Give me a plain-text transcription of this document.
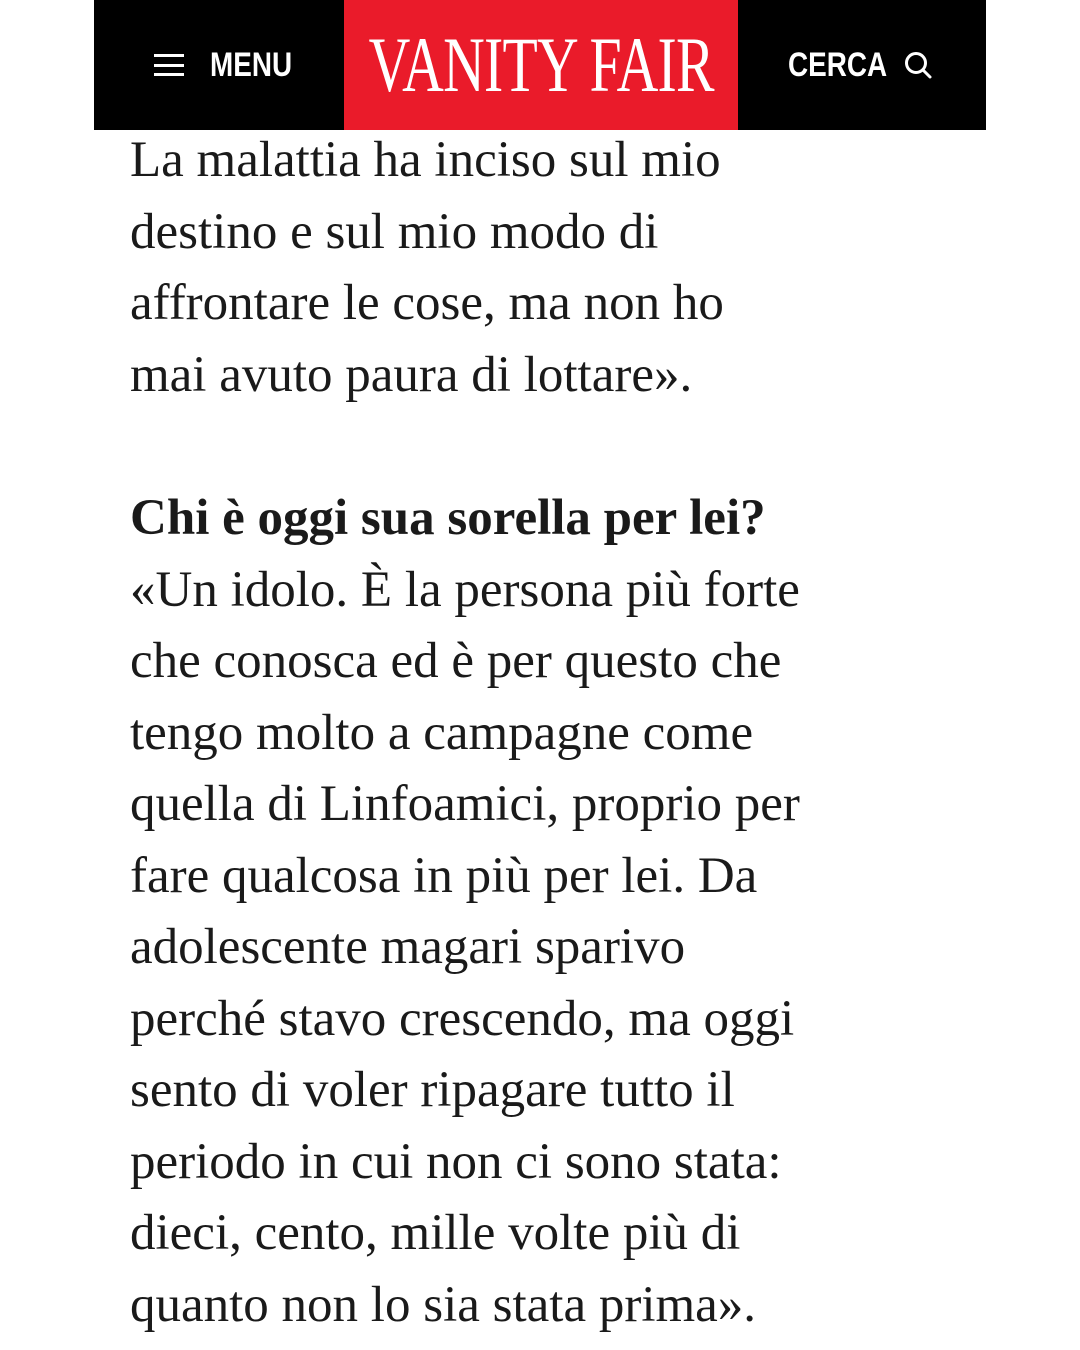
MENU VANITY FAIR CERCA

La malattia ha inciso sul mio

destino e sul mio modo di

affrontare le cose, ma non ho

mai avuto paura di lottare».

Chi è oggi sua sorella per lei?

«Un idolo. È la persona più forte

che conosca ed è per questo che

tengo molto a campagne come

quella di Linfoamici, proprio per

fare qualcosa in più per lei. Da

adolescente magari sparivo

perché stavo crescendo, ma oggi

sento di voler ripagare tutto il

periodo in cui non ci sono stata:

dieci, cento, mille volte più di

quanto non lo sia stata prima».
